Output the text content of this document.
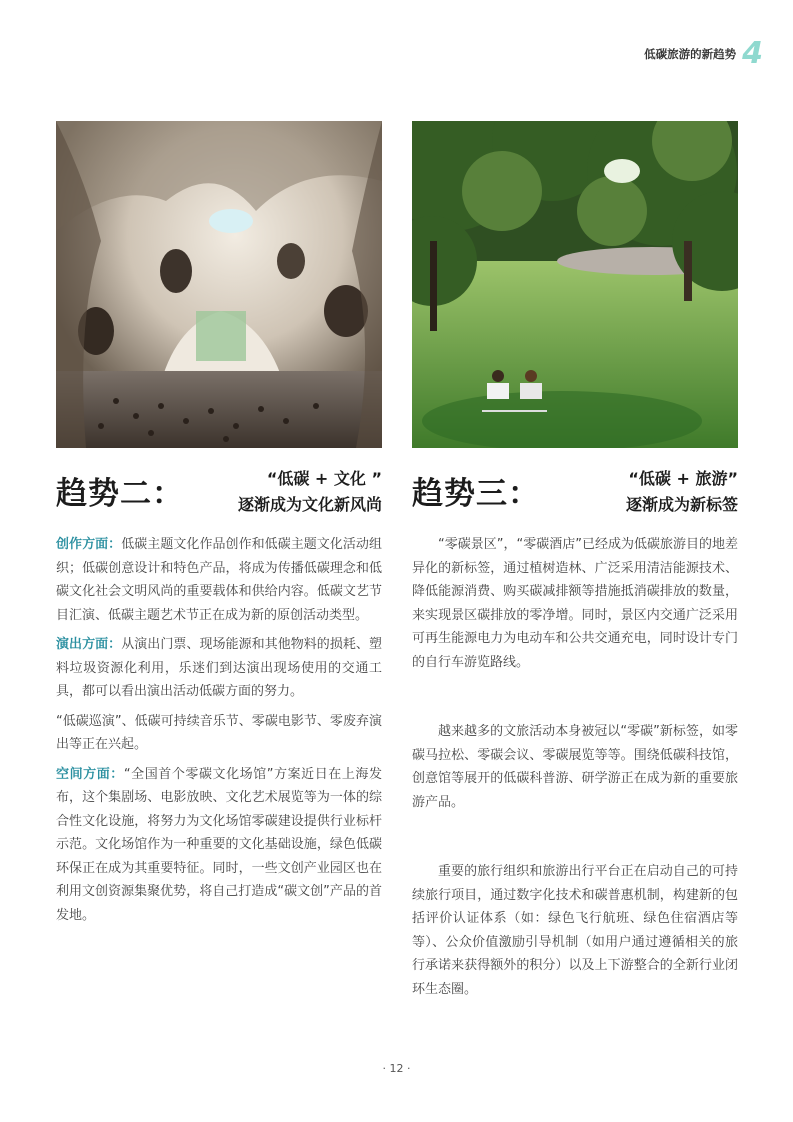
低碳旅游的新趋势 4
趋势二：	“低碳 + 文化 ”
逐渐成为文化新风尚 趋势三：	“低碳 + 旅游”
逐渐成为新标签

创作方面：低碳主题文化作品创作和低碳主题文化活动组织；低碳创意设计和特色产品，将成为传播低碳理念和低碳文化社会文明风尚的重要载体和供给内容。低碳文艺节目汇演、低碳主题艺术节正在成为新的原创活动类型。

演出方面：从演出门票、现场能源和其他物料的损耗、塑料垃圾资源化利用，乐迷们到达演出现场使用的交通工具，都可以看出演出活动低碳方面的努力。

“低碳巡演”、低碳可持续音乐节、零碳电影节、零废弃演出等正在兴起。

空间方面：“全国首个零碳文化场馆”方案近日在上海发布，这个集剧场、电影放映、文化艺术展览等为一体的综合性文化设施，将努力为文化场馆零碳建设提供行业标杆示范。文化场馆作为一种重要的文化基础设施，绿色低碳环保正在成为其重要特征。同时，一些文创产业园区也在利用文创资源集聚优势，将自己打造成“碳文创”产品的首发地。

“零碳景区”，“零碳酒店”已经成为低碳旅游目的地差异化的新标签，通过植树造林、广泛采用清洁能源技术、降低能源消费、购买碳减排额等措施抵消碳排放的数量，来实现景区碳排放的零净增。同时，景区内交通广泛采用可再生能源电力为电动车和公共交通充电，同时设计专门的自行车游览路线。

越来越多的文旅活动本身被冠以“零碳”新标签，如零碳马拉松、零碳会议、零碳展览等等。围绕低碳科技馆，创意馆等展开的低碳科普游、研学游正在成为新的重要旅游产品。

重要的旅行组织和旅游出行平台正在启动自己的可持续旅行项目，通过数字化技术和碳普惠机制，构建新的包括评价认证体系（如：绿色飞行航班、绿色住宿酒店等等）、公众价值激励引导机制（如用户通过遵循相关的旅行承诺来获得额外的积分）以及上下游整合的全新行业闭环生态圈。

· 12 ·
